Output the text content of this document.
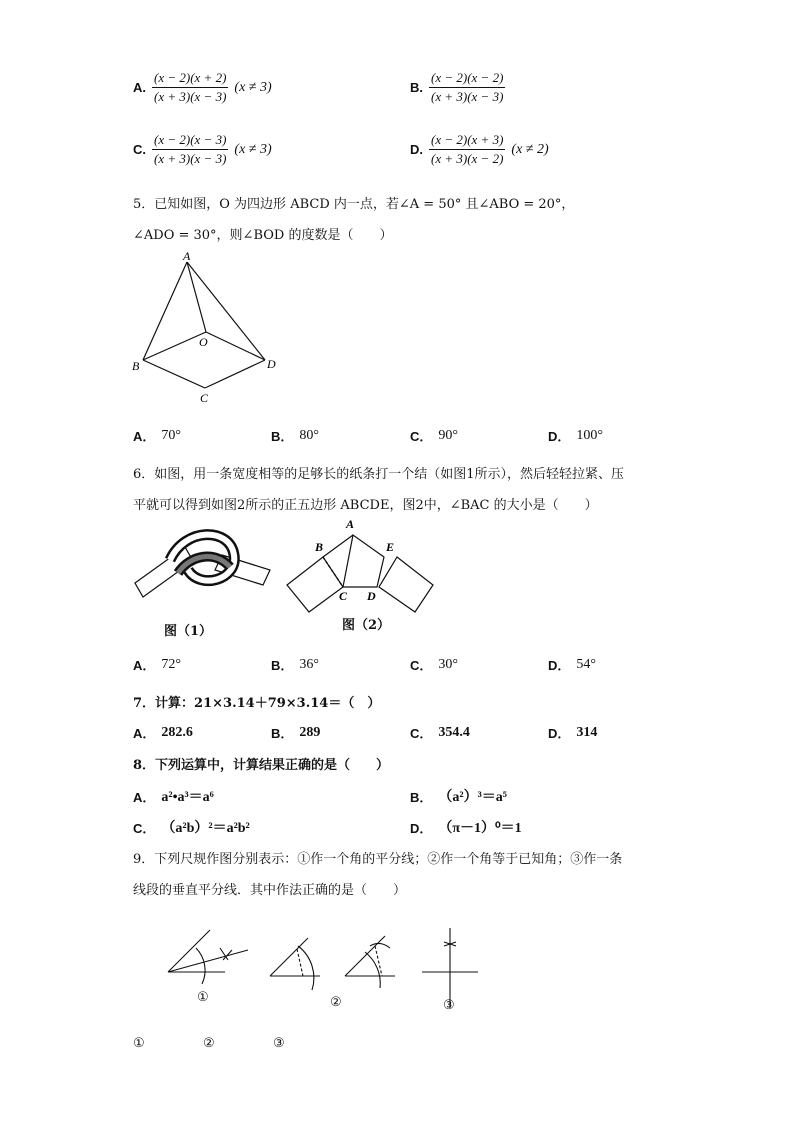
A. $\frac{(x - 2)(x + 2)}{(x + 3)(x - 3)} (x \ne 3)$	B. $\frac{(x - 2)(x - 2)}{(x + 3)(x - 3)}$
C. $\frac{(x - 2)(x - 3)}{(x + 3)(x - 3)} (x \ne 3)$	D. $\frac{(x - 2)(x + 3)}{(x + 3)(x - 2)} (x \ne 2)$
5．已知如图，O 为四边形 ABCD 内一点，若∠A = 50° 且∠ABO = 20°，
∠ADO = 30°，则∠BOD 的度数是（　　）
A
O
B	D
C
A． 70°	B． 80°	C． 90°	D． 100°
6．如图，用一条宽度相等的足够长的纸条打一个结（如图1所示），然后轻轻拉紧、压
平就可以得到如图2所示的正五边形 ABCDE，图2中，∠BAC 的大小是（　　）
图（1）
A
B	E
C D
图（2）
A． 72°	B． 36°	C． 30°	D． 54°
7．计算：21×3.14＋79×3.14＝（　）
A． 282.6	B． 289	C． 354.4	D． 314
8．下列运算中，计算结果正确的是（　　）
A． a²•a³＝a⁶	B． （a²）³＝a⁵
C． （a²b）²＝a²b²	D． （π－1）⁰＝1
9．下列尺规作图分别表示：①作一个角的平分线；②作一个角等于已知角；③作一条
线段的垂直平分线．其中作法正确的是（　　）
①	②	③
①	②	③
